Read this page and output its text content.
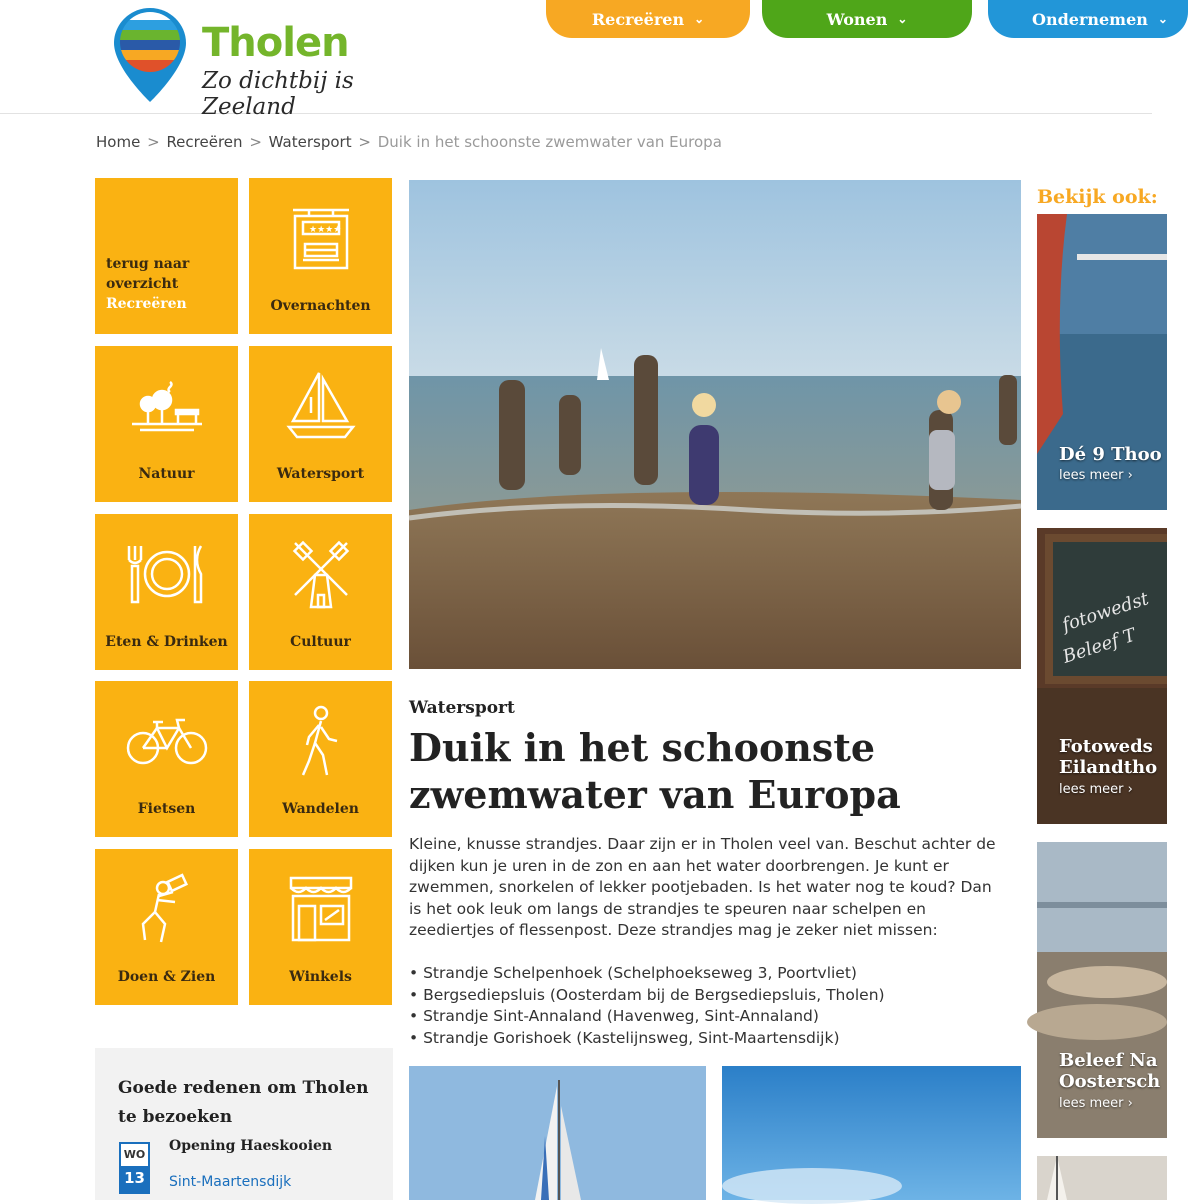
Tholen
Zo dichtbij is Zeeland
Recreëren ⌄	Wonen ⌄	Ondernemen ⌄
Home > Recreëren > Watersport > Duik in het schoonste zwemwater van Europa
terug naar
overzicht
Recreëren
★★★★
Overnachten
Natuur	Watersport
Eten & Drinken	Cultuur
Fietsen	Wandelen
Doen & Zien	Winkels
Watersport
Duik in het schoonste zwemwater van Europa

Kleine, knusse strandjes. Daar zijn er in Tholen veel van. Beschut achter de dijken kun je uren in de zon en aan het water doorbrengen. Je kunt er zwemmen, snorkelen of lekker pootjebaden. Is het water nog te koud? Dan is het ook leuk om langs de strandjes te speuren naar schelpen en zeediertjes of flessenpost. Deze strandjes mag je zeker niet missen:

• Strandje Schelpenhoek (Schelphoekseweg 3, Poortvliet)
• Bergsediepsluis (Oosterdam bij de Bergsediepsluis, Tholen)
• Strandje Sint-Annaland (Havenweg, Sint-Annaland)
• Strandje Gorishoek (Kastelijnsweg, Sint-Maartensdijk)
Goede redenen om Tholen te bezoeken
WO
13
Opening Haeskooien
Sint-Maartensdijk
Bekijk ook:
Dé 9 Thoo
lees meer ›
fotowedst
Beleef T
Fotoweds
Eilandtho
lees meer ›
Beleef Na
Oostersch
lees meer ›
